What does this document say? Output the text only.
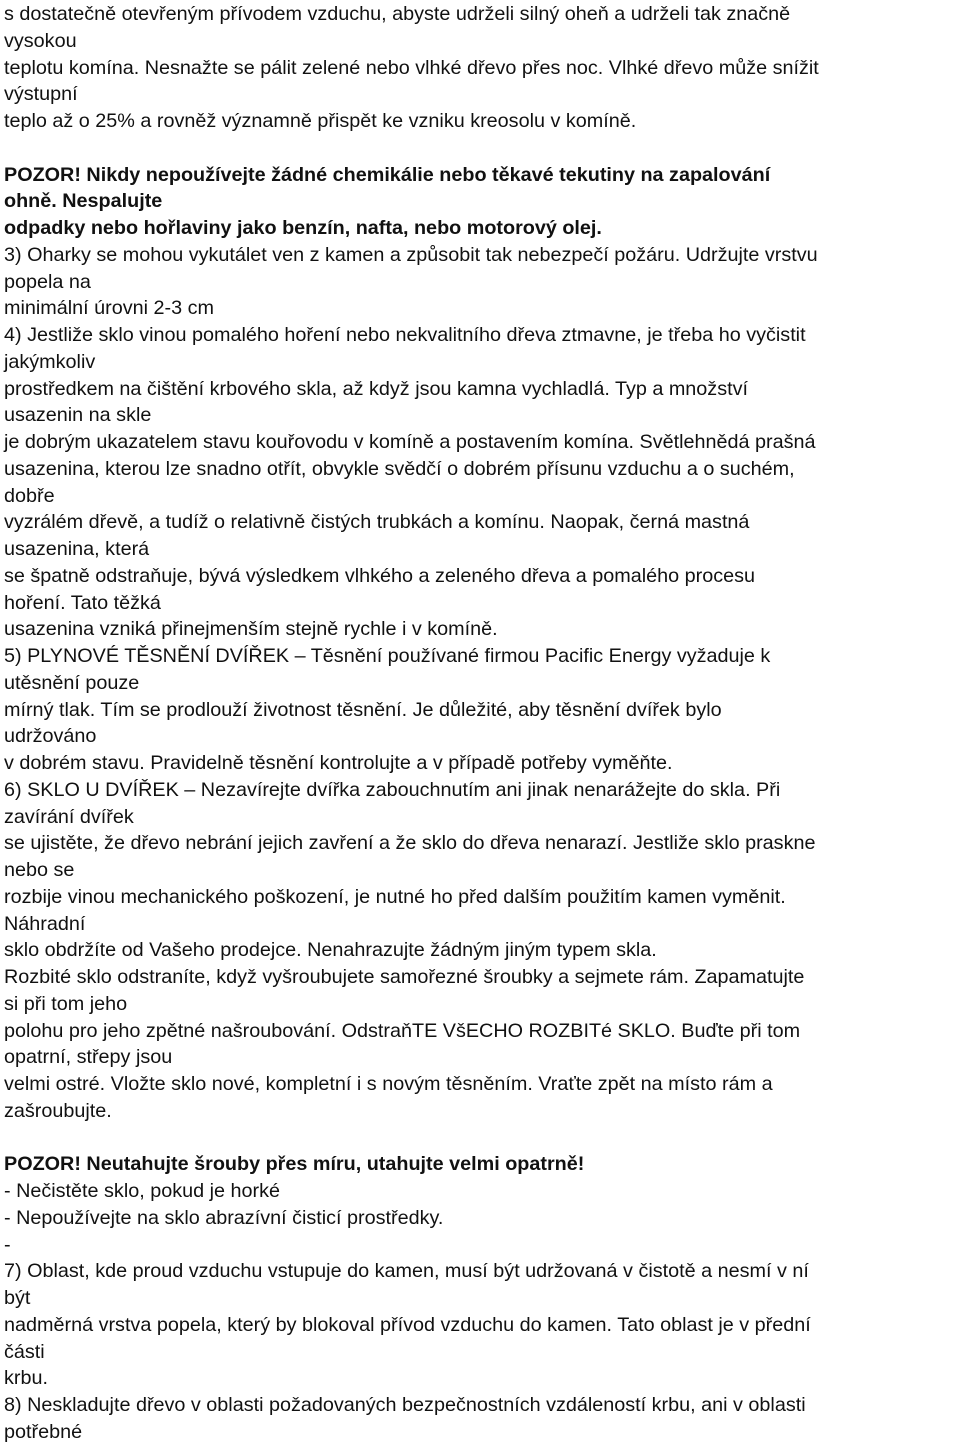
s dostatečně otevřeným přívodem vzduchu, abyste udrželi silný oheň a udrželi tak značně
vysokou
teplotu komína. Nesnažte se pálit zelené nebo vlhké dřevo přes noc. Vlhké dřevo může snížit
výstupní
teplo až o 25% a rovněž významně přispět ke vzniku kreosolu v komíně.
POZOR! Nikdy nepoužívejte žádné chemikálie nebo těkavé tekutiny na zapalování
ohně. Nespalujte
odpadky nebo hořlaviny jako benzín, nafta, nebo motorový olej.
3) Oharky se mohou vykutálet ven z kamen a způsobit tak nebezpečí požáru. Udržujte vrstvu
popela na
minimální úrovni 2-3 cm
4) Jestliže sklo vinou pomalého hoření nebo nekvalitního dřeva ztmavne, je třeba ho vyčistit
jakýmkoliv
prostředkem na čištění krbového skla, až když jsou kamna vychladlá. Typ a množství
usazenin na skle
je dobrým ukazatelem stavu kouřovodu v komíně a postavením komína. Světlehnědá prašná
usazenina, kterou lze snadno otřít, obvykle svědčí o dobrém přísunu vzduchu a o suchém,
dobře
vyzrálém dřevě, a tudíž o relativně čistých trubkách a komínu. Naopak, černá mastná
usazenina, která
se špatně odstraňuje, bývá výsledkem vlhkého a zeleného dřeva a pomalého procesu
hoření. Tato těžká
usazenina vzniká přinejmenším stejně rychle i v komíně.
5) PLYNOVÉ TĚSNĚNÍ DVÍŘEK – Těsnění používané firmou Pacific Energy vyžaduje k
utěsnění pouze
mírný tlak. Tím se prodlouží životnost těsnění. Je důležité, aby těsnění dvířek bylo
udržováno
v dobrém stavu. Pravidelně těsnění kontrolujte a v případě potřeby vyměňte.
6) SKLO U DVÍŘEK – Nezavírejte dvířka zabouchnutím ani jinak nenarážejte do skla. Při
zavírání dvířek
se ujistěte, že dřevo nebrání jejich zavření a že sklo do dřeva nenarazí. Jestliže sklo praskne
nebo se
rozbije vinou mechanického poškození, je nutné ho před dalším použitím kamen vyměnit.
Náhradní
sklo obdržíte od Vašeho prodejce. Nenahrazujte žádným jiným typem skla.
Rozbité sklo odstraníte, když vyšroubujete samořezné šroubky a sejmete rám. Zapamatujte
si při tom jeho
polohu pro jeho zpětné našroubování. OdstraňTE VšECHO ROZBITé SKLO. Buďte při tom
opatrní, střepy jsou
velmi ostré. Vložte sklo nové, kompletní i s novým těsněním. Vraťte zpět na místo rám a
zašroubujte.
POZOR! Neutahujte šrouby přes míru, utahujte velmi opatrně!
- Nečistěte sklo, pokud je horké
- Nepoužívejte na sklo abrazívní čisticí prostředky.
-
7) Oblast, kde proud vzduchu vstupuje do kamen, musí být udržovaná v čistotě a nesmí v ní
být
nadměrná vrstva popela, který by blokoval přívod vzduchu do kamen. Tato oblast je v přední
části
krbu.
8) Neskladujte dřevo v oblasti požadovaných bezpečnostních vzdáleností krbu, ani v oblasti
potřebné
